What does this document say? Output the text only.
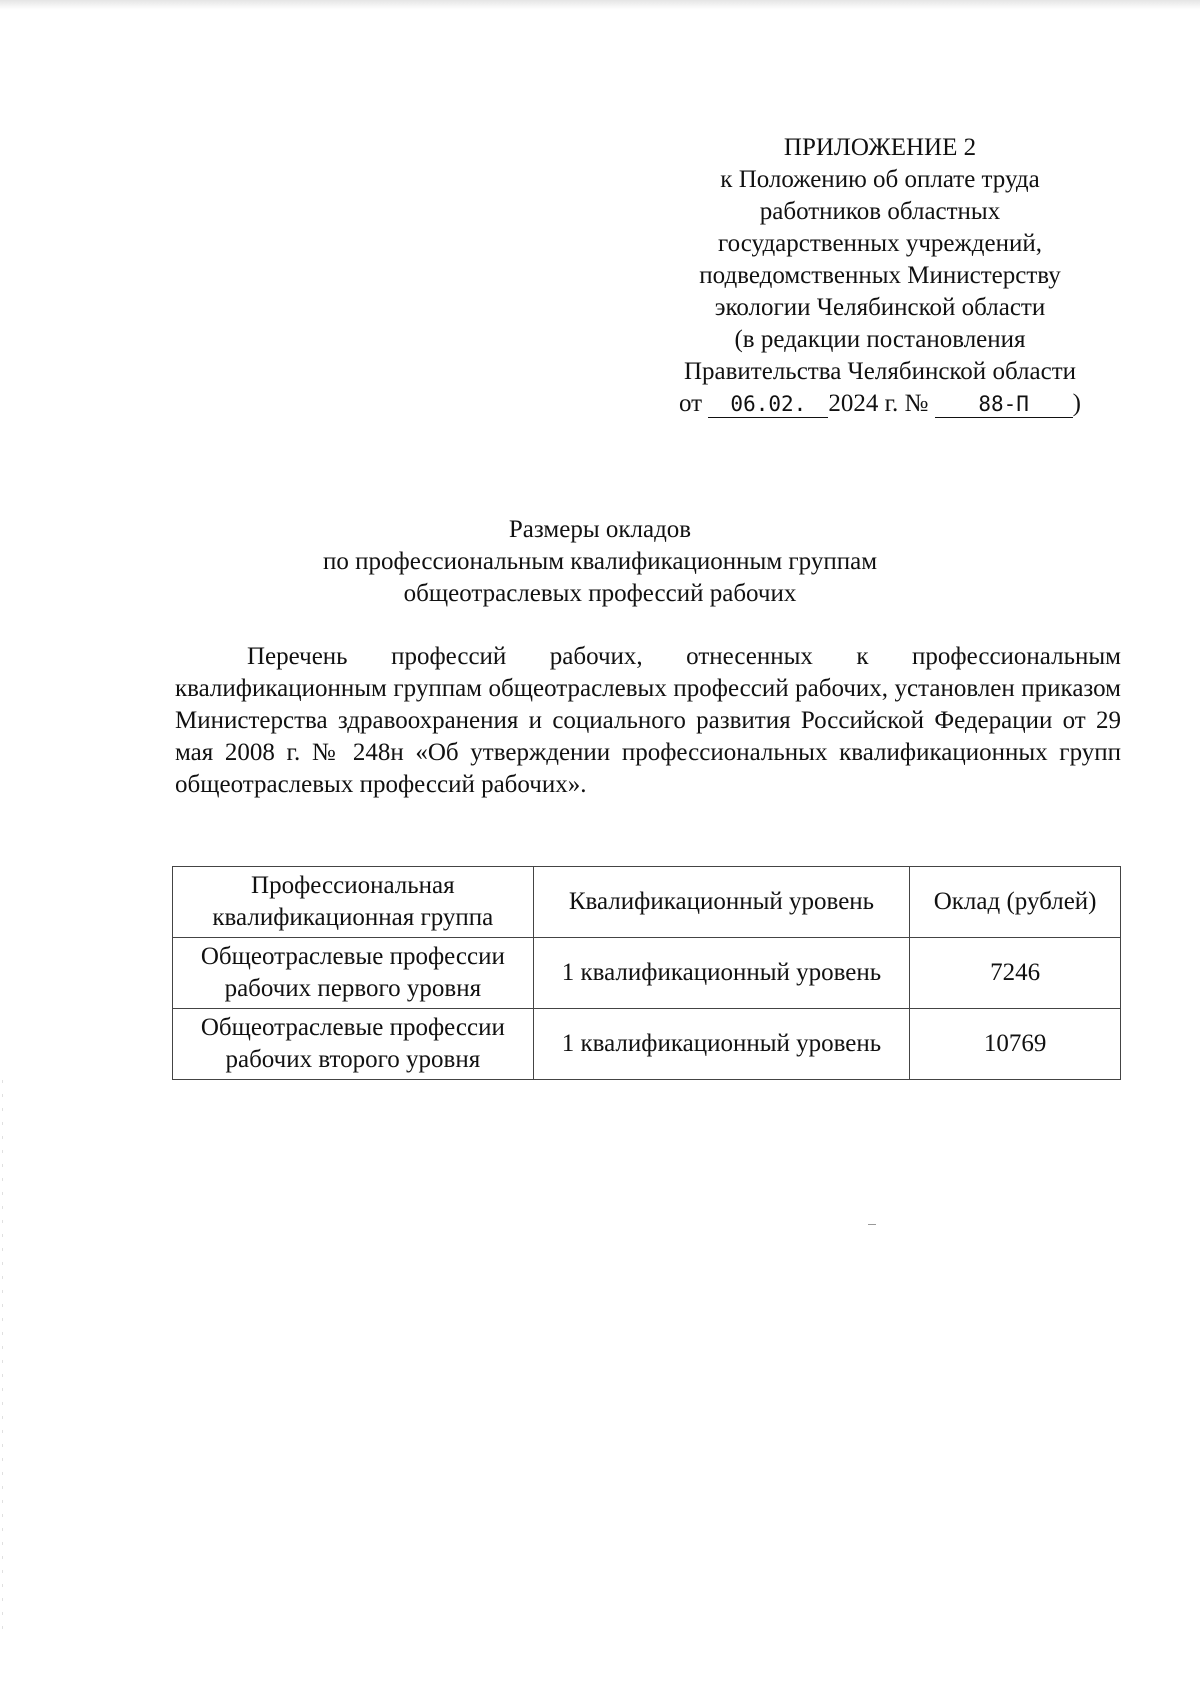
ПРИЛОЖЕНИЕ 2
к Положению об оплате труда
работников областных
государственных учреждений,
подведомственных Министерству
экологии Челябинской области
(в редакции постановления
Правительства Челябинской области
от 06.02. 2024 г. № 88-П )
Размеры окладов
по профессиональным квалификационным группам
общеотраслевых профессий рабочих
Перечень профессий рабочих, отнесенных к профессиональным квалификационным группам общеотраслевых профессий рабочих, установлен приказом Министерства здравоохранения и социального развития Российской Федерации от 29 мая 2008 г. № 248н «Об утверждении профессиональных квалификационных групп общеотраслевых профессий рабочих».
Профессиональная квалификационная группа	Квалификационный уровень	Оклад (рублей)
Общеотраслевые профессии рабочих первого уровня	1 квалификационный уровень	7246
Общеотраслевые профессии рабочих второго уровня	1 квалификационный уровень	10769
